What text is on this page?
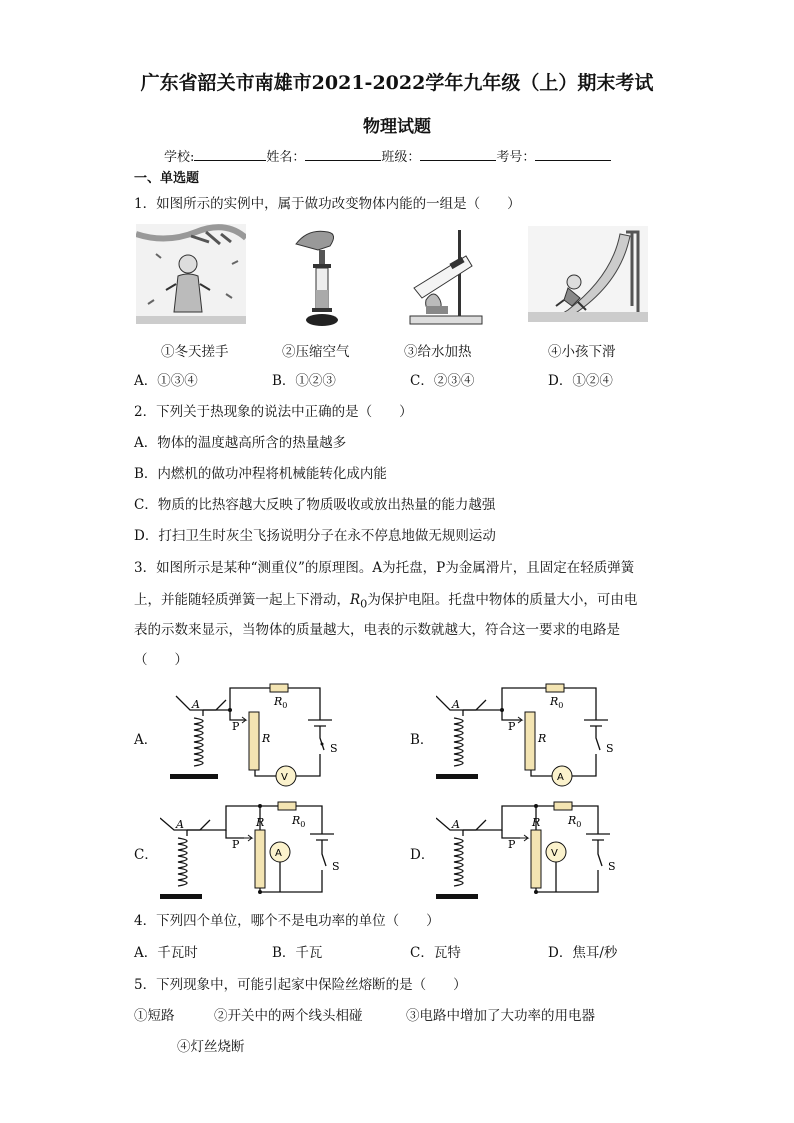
广东省韶关市南雄市2021-2022学年九年级（上）期末考试
物理试题
学校:	姓名：	班级：	考号：
一、单选题
1．如图所示的实例中，属于做功改变物体内能的一组是（　　）
①冬天搓手	②压缩空气	③给水加热	④小孩下滑
A．①③④	B．①②③	C．②③④	D．①②④
2．下列关于热现象的说法中正确的是（　　）
A．物体的温度越高所含的热量越多
B．内燃机的做功冲程将机械能转化成内能
C．物质的比热容越大反映了物质吸收或放出热量的能力越强
D．打扫卫生时灰尘飞扬说明分子在永不停息地做无规则运动
3．如图所示是某种“测重仪”的原理图。A为托盘，P为金属滑片，且固定在轻质弹簧
上，并能随轻质弹簧一起上下滑动，$R_0$为保护电阻。托盘中物体的质量大小，可由电
表的示数来显示，当物体的质量越大，电表的示数就越大，符合这一要求的电路是
（　　）
A．	B．
C．	D．
A
P
R
$R_0$
S
V
A
P
R
$R_0$
S
A
A
P
R	$R_0$
S
A
A
P
R	$R_0$
S
V
4．下列四个单位，哪个不是电功率的单位（　　）
A．千瓦时	B．千瓦	C．瓦特	D．焦耳/秒
5．下列现象中，可能引起家中保险丝熔断的是（　　）
①短路	②开关中的两个线头相碰	③电路中增加了大功率的用电器
④灯丝烧断
